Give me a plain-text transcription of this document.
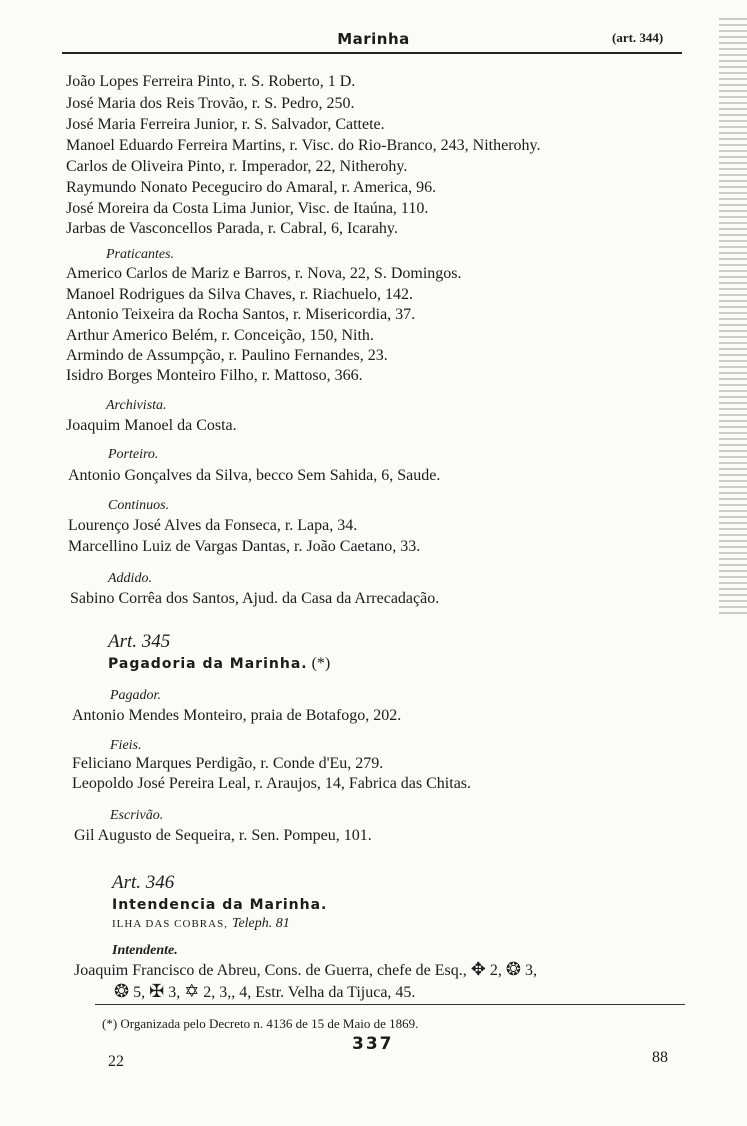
Marinha	(art. 344)
João Lopes Ferreira Pinto, r. S. Roberto, 1 D.
José Maria dos Reis Trovão, r. S. Pedro, 250.
José Maria Ferreira Junior, r. S. Salvador, Cattete.
Manoel Eduardo Ferreira Martins, r. Visc. do Rio-Branco, 243, Nitherohy.
Carlos de Oliveira Pinto, r. Imperador, 22, Nitherohy.
Raymundo Nonato Peceguciro do Amaral, r. America, 96.
José Moreira da Costa Lima Junior, Visc. de Itaúna, 110.
Jarbas de Vasconcellos Parada, r. Cabral, 6, Icarahy.
Praticantes.
Americo Carlos de Mariz e Barros, r. Nova, 22, S. Domingos.
Manoel Rodrigues da Silva Chaves, r. Riachuelo, 142.
Antonio Teixeira da Rocha Santos, r. Misericordia, 37.
Arthur Americo Belém, r. Conceição, 150, Nith.
Armindo de Assumpção, r. Paulino Fernandes, 23.
Isidro Borges Monteiro Filho, r. Mattoso, 366.
Archivista.
Joaquim Manoel da Costa.
Porteiro.
Antonio Gonçalves da Silva, becco Sem Sahida, 6, Saude.
Continuos.
Lourenço José Alves da Fonseca, r. Lapa, 34.
Marcellino Luiz de Vargas Dantas, r. João Caetano, 33.
Addido.
Sabino Corrêa dos Santos, Ajud. da Casa da Arrecadação.
Art. 345
Pagadoria da Marinha. (*)
Pagador.
Antonio Mendes Monteiro, praia de Botafogo, 202.
Fieis.
Feliciano Marques Perdigão, r. Conde d'Eu, 279.
Leopoldo José Pereira Leal, r. Araujos, 14, Fabrica das Chitas.
Escrivão.
Gil Augusto de Sequeira, r. Sen. Pompeu, 101.
Art. 346
Intendencia da Marinha.
ILHA DAS COBRAS, Teleph. 81
Intendente.
Joaquim Francisco de Abreu, Cons. de Guerra, chefe de Esq., ✥ 2, ❂ 3,
❂ 5, ✠ 3, ✡ 2, 3,, 4, Estr. Velha da Tijuca, 45.
(*) Organizada pelo Decreto n. 4136 de 15 de Maio de 1869.
22
337
88
